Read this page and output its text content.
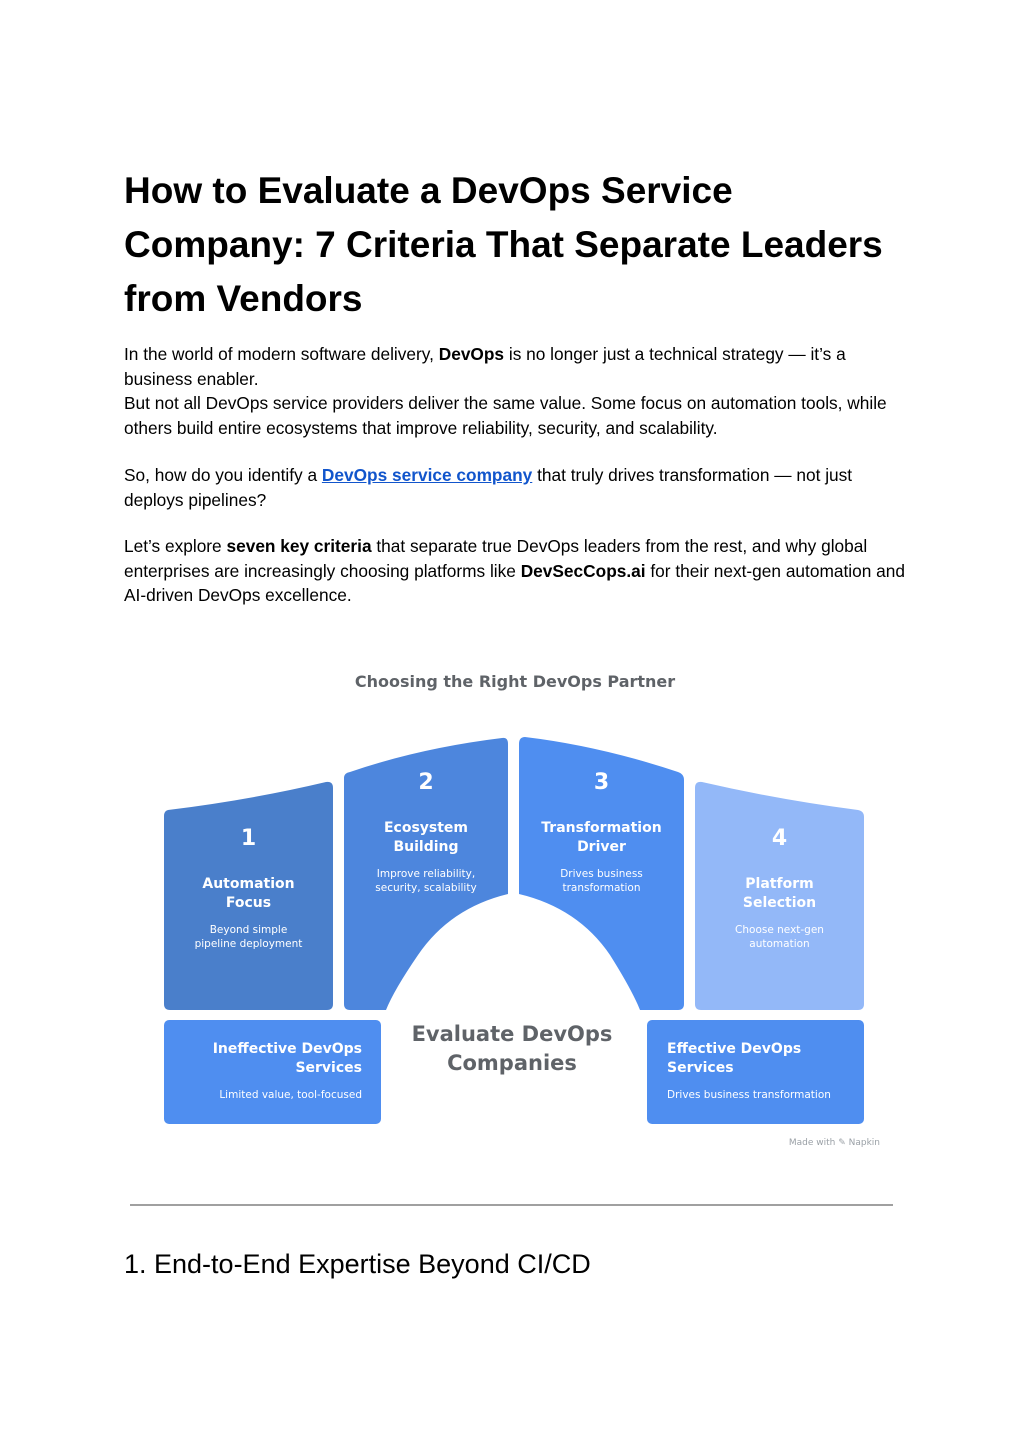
How to Evaluate a DevOps Service Company: 7 Criteria That Separate Leaders from Vendors

In the world of modern software delivery, DevOps is no longer just a technical strategy — it’s a business enabler.
But not all DevOps service providers deliver the same value. Some focus on automation tools, while others build entire ecosystems that improve reliability, security, and scalability.

So, how do you identify a DevOps service company that truly drives transformation — not just deploys pipelines?

Let’s explore seven key criteria that separate true DevOps leaders from the rest, and why global enterprises are increasingly choosing platforms like DevSecCops.ai for their next-gen automation and AI-driven DevOps excellence.

Choosing the Right DevOps Partner
1
Automation Focus
Beyond simple pipeline deployment
2
Ecosystem Building
Improve reliability, security, scalability
3
Transformation Driver
Drives business transformation
4
Platform Selection
Choose next-gen automation
Ineffective DevOps Services
Limited value, tool-focused
Effective DevOps Services
Drives business transformation
Evaluate DevOps Companies
Made with ✎ Napkin
1. End-to-End Expertise Beyond CI/CD
